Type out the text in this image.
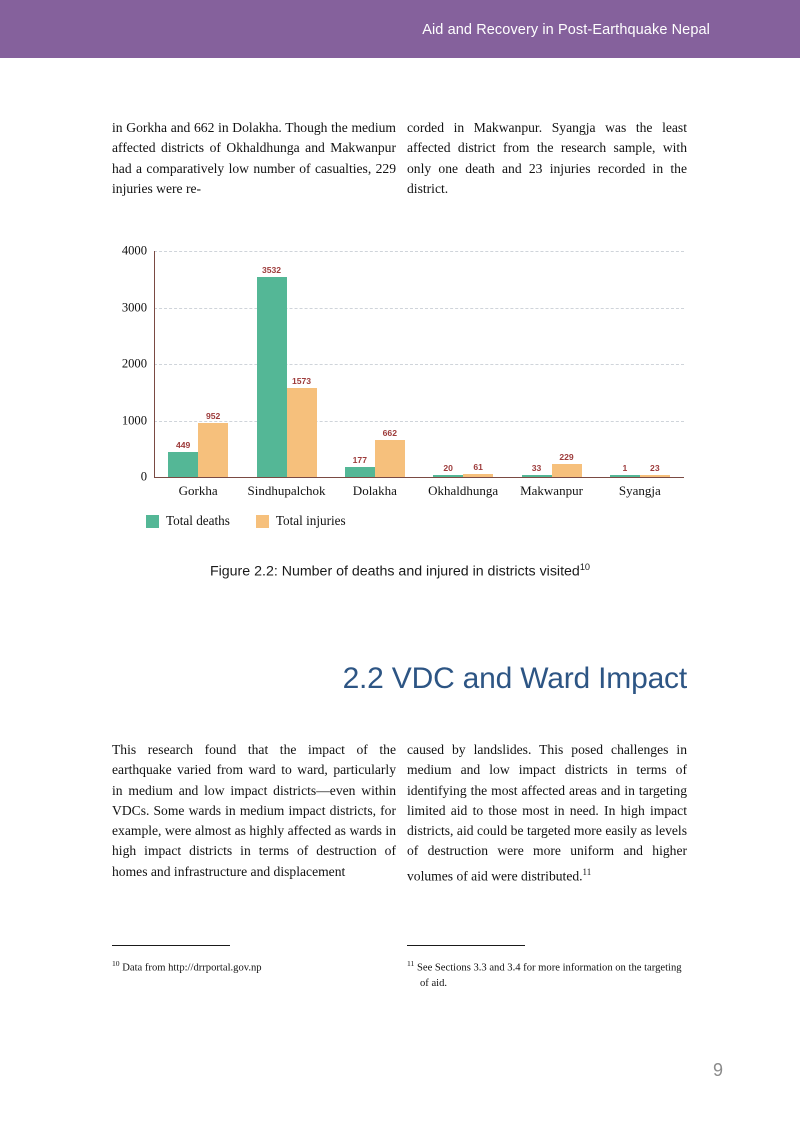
Aid and Recovery in Post-Earthquake Nepal
in Gorkha and 662 in Dolakha. Though the medium affected districts of Okhaldhunga and Makwanpur had a comparatively low number of casualties, 229 injuries were re-
corded in Makwanpur. Syangja was the least affected district from the research sample, with only one death and 23 injuries recorded in the district.
0
1000
2000
3000
4000
449
952
3532
1573
177
662
20 61	33
229
1	23
Gorkha Sindhupalchok Dolakha Okhaldhunga Makwanpur	Syangja
Total deaths	Total injuries
Figure 2.2: Number of deaths and injured in districts visited$^{10}$
2.2 VDC and Ward Impact
This research found that the impact of the earthquake varied from ward to ward, particularly in medium and low impact districts—even within VDCs. Some wards in medium impact districts, for example, were almost as highly affected as wards in high impact districts in terms of destruction of homes and infrastructure and displacement
caused by landslides. This posed challenges in medium and low impact districts in terms of identifying the most affected areas and in targeting limited aid to those most in need. In high impact districts, aid could be targeted more easily as levels of destruction were more uniform and higher volumes of aid were distributed.$^{11}$
$^{10}$ Data from http://drrportal.gov.np	$^{11}$ See Sections 3.3 and 3.4 for more information on the targeting of aid.
9
